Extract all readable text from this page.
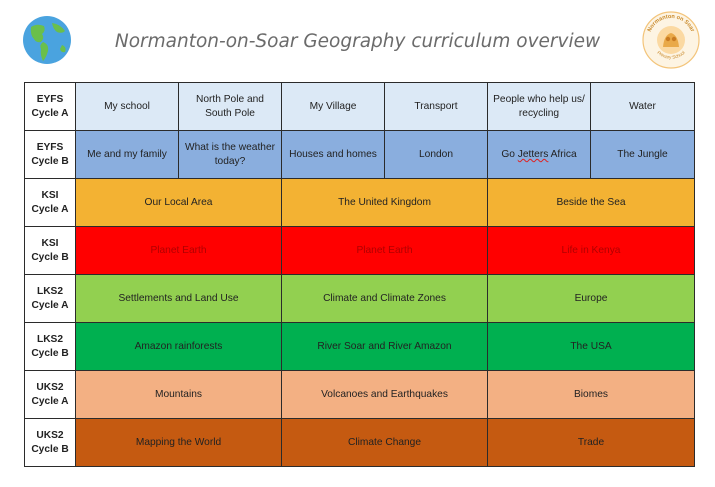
Normanton-on-Soar Geography curriculum overview
Normanton on Soar
Primary School
EYFS
Cycle A	My school	North Pole and South Pole	My Village	Transport	People who help us/ recycling	Water
EYFS
Cycle B	Me and my family	What is the weather today?	Houses and homes	London	Go Jetters Africa	The Jungle
KSI
Cycle A	Our Local Area		The United Kingdom		Beside the Sea	
KSI
Cycle B	Planet Earth		Planet Earth		Life in Kenya	
LKS2
Cycle A	Settlements and Land Use		Climate and Climate Zones		Europe	
LKS2
Cycle B	Amazon rainforests		River Soar and River Amazon		The USA	
UKS2
Cycle A	Mountains		Volcanoes and Earthquakes		Biomes	
UKS2
Cycle B	Mapping the World		Climate Change		Trade	
